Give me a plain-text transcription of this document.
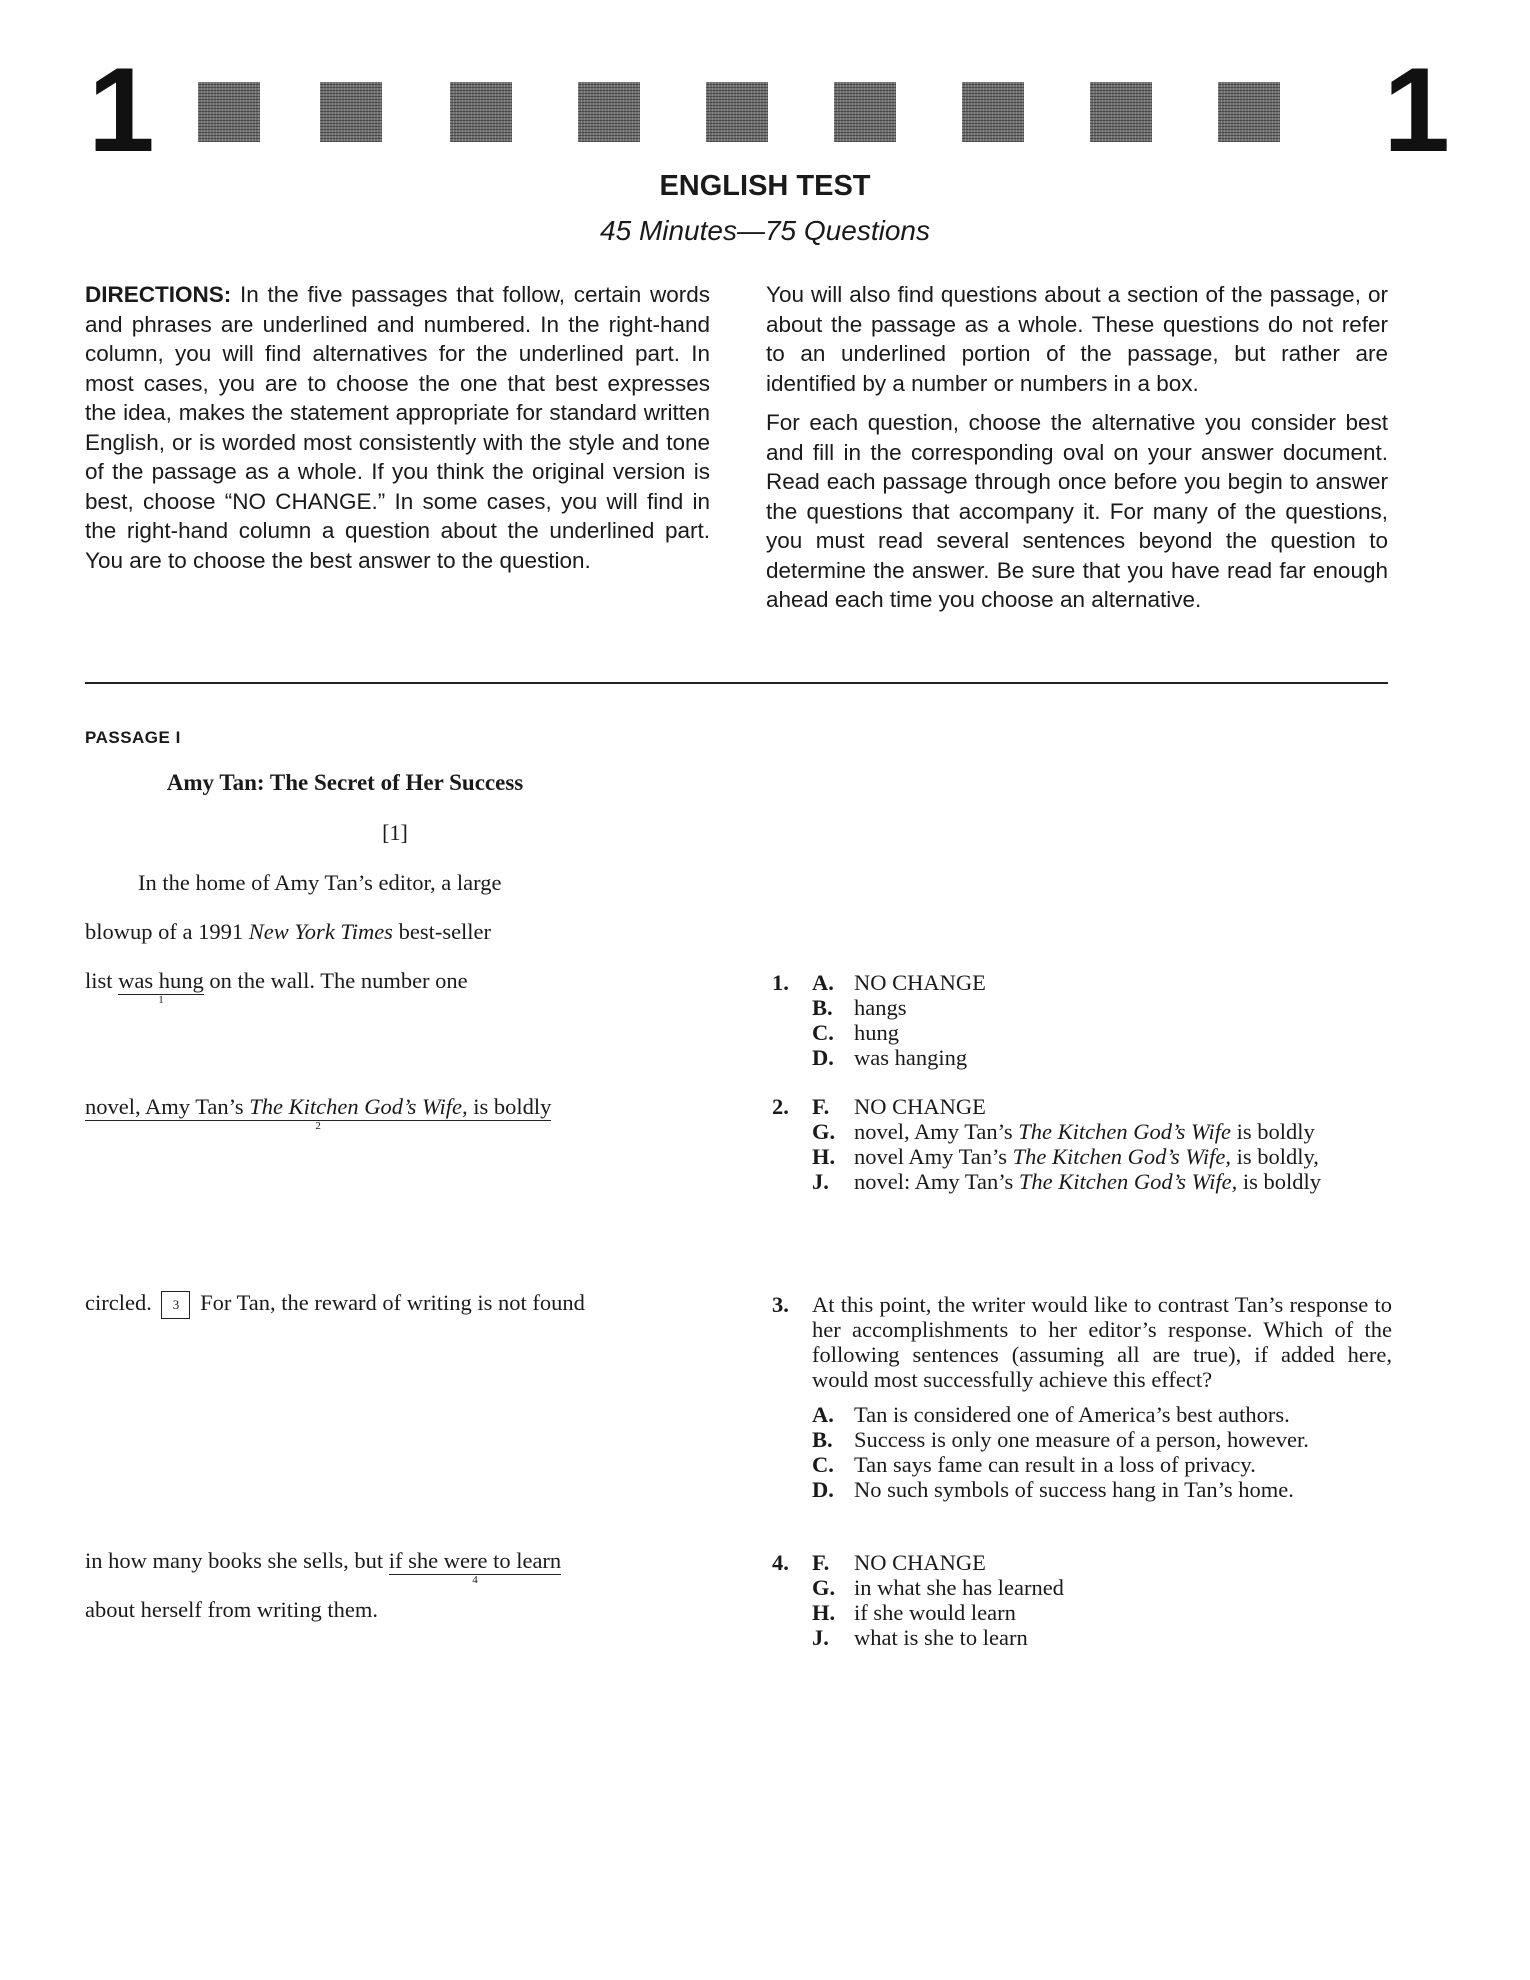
1	1
ENGLISH TEST
45 Minutes—75 Questions

DIRECTIONS: In the five passages that follow, certain words and phrases are underlined and numbered. In the right-hand column, you will find alternatives for the underlined part. In most cases, you are to choose the one that best expresses the idea, makes the statement appropriate for standard written English, or is worded most consistently with the style and tone of the passage as a whole. If you think the original version is best, choose “NO CHANGE.” In some cases, you will find in the right-hand column a question about the underlined part. You are to choose the best answer to the question.

You will also find questions about a section of the passage, or about the passage as a whole. These questions do not refer to an underlined portion of the passage, but rather are identified by a number or numbers in a box.

For each question, choose the alternative you consider best and fill in the corresponding oval on your answer document. Read each passage through once before you begin to answer the questions that accompany it. For many of the questions, you must read several sentences beyond the question to determine the answer. Be sure that you have read far enough ahead each time you choose an alternative.

PASSAGE I
Amy Tan: The Secret of Her Success
[1]
In the home of Amy Tan’s editor, a large
blowup of a 1991 New York Times best-seller
list was hung
1
on the wall. The number one
novel, Amy Tan’s The Kitchen God’s Wife, is boldly
2
circled. 3 For Tan, the reward of writing is not found
in how many books she sells, but if she were to learn
4
about herself from writing them.
1. A. NO CHANGE
B. hangs
C. hung
D. was hanging
2. F.	NO CHANGE
G. novel, Amy Tan’s The Kitchen God’s Wife is boldly
H. novel Amy Tan’s The Kitchen God’s Wife, is boldly,
J.	novel: Amy Tan’s The Kitchen God’s Wife, is boldly
3. At this point, the writer would like to contrast Tan’s response to her accomplishments to her editor’s response. Which of the following sentences (assuming all are true), if added here, would most successfully achieve this effect?
A. Tan is considered one of America’s best authors.
B. Success is only one measure of a person, however.
C. Tan says fame can result in a loss of privacy.
D. No such symbols of success hang in Tan’s home.
4. F.	NO CHANGE
G. in what she has learned
H. if she would learn
J.	what is she to learn
